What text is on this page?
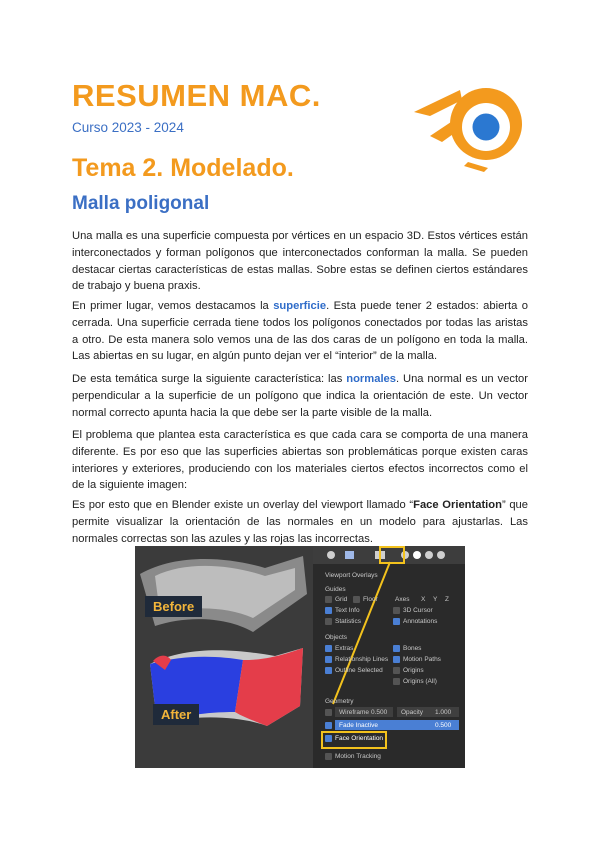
RESUMEN MAC.
Curso 2023 - 2024
Tema 2. Modelado.
Malla poligonal
Una malla es una superficie compuesta por vértices en un espacio 3D. Estos vértices están interconectados y forman polígonos que interconectados conforman la malla. Se pueden destacar ciertas características de estas mallas. Sobre estas se definen ciertos estándares de trabajo y buena praxis.
En primer lugar, vemos destacamos la superficie. Esta puede tener 2 estados: abierta o cerrada. Una superficie cerrada tiene todos los polígonos conectados por todas las aristas a otro. De esta manera solo vemos una de las dos caras de un polígono en toda la malla. Las abiertas en su lugar, en algún punto dejan ver el “interior” de la malla.
De esta temática surge la siguiente característica: las normales. Una normal es un vector perpendicular a la superficie de un polígono que indica la orientación de este. Un vector normal correcto apunta hacia la que debe ser la parte visible de la malla.
El problema que plantea esta característica es que cada cara se comporta de una manera diferente. Es por eso que las superficies abiertas son problemáticas porque existen caras interiores y exteriores, produciendo con los materiales ciertos efectos incorrectos como el de la siguiente imagen:
Es por esto que en Blender existe un overlay del viewport llamado “Face Orientation” que permite visualizar la orientación de las normales en un modelo para ajustarlas. Las normales correctas son las azules y las rojas las incorrectas.
Before
After
Viewport Overlays
Guides
Grid Floor	Axes X Y Z
Text Info	3D Cursor
Statistics	Annotations
Objects
Extras	Bones
Relationship Lines Motion Paths
Outline Selected	Origins
Origins (All)
Geometry
Wireframe 0.500 Opacity 1.000
Fade Inactive	0.500
Face Orientation
Motion Tracking
